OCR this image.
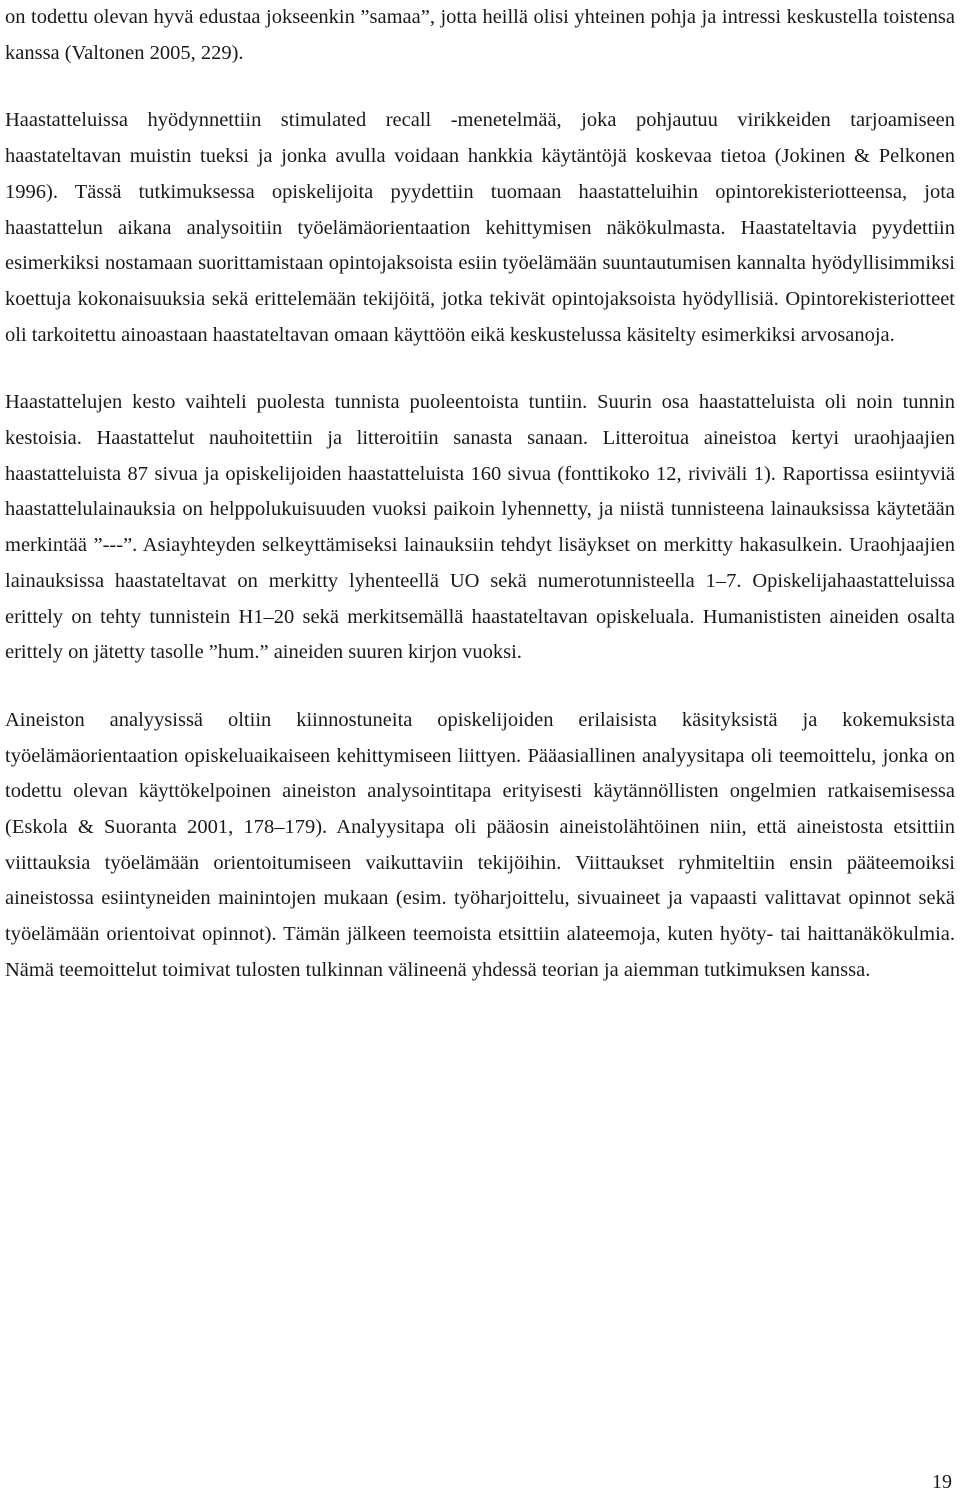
on todettu olevan hyvä edustaa jokseenkin ”samaa”, jotta heillä olisi yhteinen pohja ja intressi keskustella toistensa kanssa (Valtonen 2005, 229).

Haastatteluissa hyödynnettiin stimulated recall -menetelmää, joka pohjautuu virikkeiden tarjoamiseen haastateltavan muistin tueksi ja jonka avulla voidaan hankkia käytäntöjä koskevaa tietoa (Jokinen & Pelkonen 1996). Tässä tutkimuksessa opiskelijoita pyydettiin tuomaan haastatteluihin opintorekisteriotteensa, jota haastattelun aikana analysoitiin työelämäorientaation kehittymisen näkökulmasta. Haastateltavia pyydettiin esimerkiksi nostamaan suorittamistaan opintojaksoista esiin työelämään suuntautumisen kannalta hyödyllisimmiksi koettuja kokonaisuuksia sekä erittelemään tekijöitä, jotka tekivät opintojaksoista hyödyllisiä. Opintorekisteriotteet oli tarkoitettu ainoastaan haastateltavan omaan käyttöön eikä keskustelussa käsitelty esimerkiksi arvosanoja.

Haastattelujen kesto vaihteli puolesta tunnista puoleentoista tuntiin. Suurin osa haastatteluista oli noin tunnin kestoisia. Haastattelut nauhoitettiin ja litteroitiin sanasta sanaan. Litteroitua aineistoa kertyi uraohjaajien haastatteluista 87 sivua ja opiskelijoiden haastatteluista 160 sivua (fonttikoko 12, riviväli 1). Raportissa esiintyviä haastattelulainauksia on helppolukuisuuden vuoksi paikoin lyhennetty, ja niistä tunnisteena lainauksissa käytetään merkintää ”---”. Asiayhteyden selkeyttämiseksi lainauksiin tehdyt lisäykset on merkitty hakasulkein. Uraohjaajien lainauksissa haastateltavat on merkitty lyhenteellä UO sekä numerotunnisteella 1–7. Opiskelijahaastatteluissa erittely on tehty tunnistein H1–20 sekä merkitsemällä haastateltavan opiskeluala. Humanististen aineiden osalta erittely on jätetty tasolle ”hum.” aineiden suuren kirjon vuoksi.

Aineiston analyysissä oltiin kiinnostuneita opiskelijoiden erilaisista käsityksistä ja kokemuksista työelämäorientaation opiskeluaikaiseen kehittymiseen liittyen. Pääasiallinen analyysitapa oli teemoittelu, jonka on todettu olevan käyttökelpoinen aineiston analysointitapa erityisesti käytännöllisten ongelmien ratkaisemisessa (Eskola & Suoranta 2001, 178–179). Analyysitapa oli pääosin aineistolähtöinen niin, että aineistosta etsittiin viittauksia työelämään orientoitumiseen vaikuttaviin tekijöihin. Viittaukset ryhmiteltiin ensin pääteemoiksi aineistossa esiintyneiden mainintojen mukaan (esim. työharjoittelu, sivuaineet ja vapaasti valittavat opinnot sekä työelämään orientoivat opinnot). Tämän jälkeen teemoista etsittiin alateemoja, kuten hyöty- tai haittanäkökulmia. Nämä teemoittelut toimivat tulosten tulkinnan välineenä yhdessä teorian ja aiemman tutkimuksen kanssa.

19
